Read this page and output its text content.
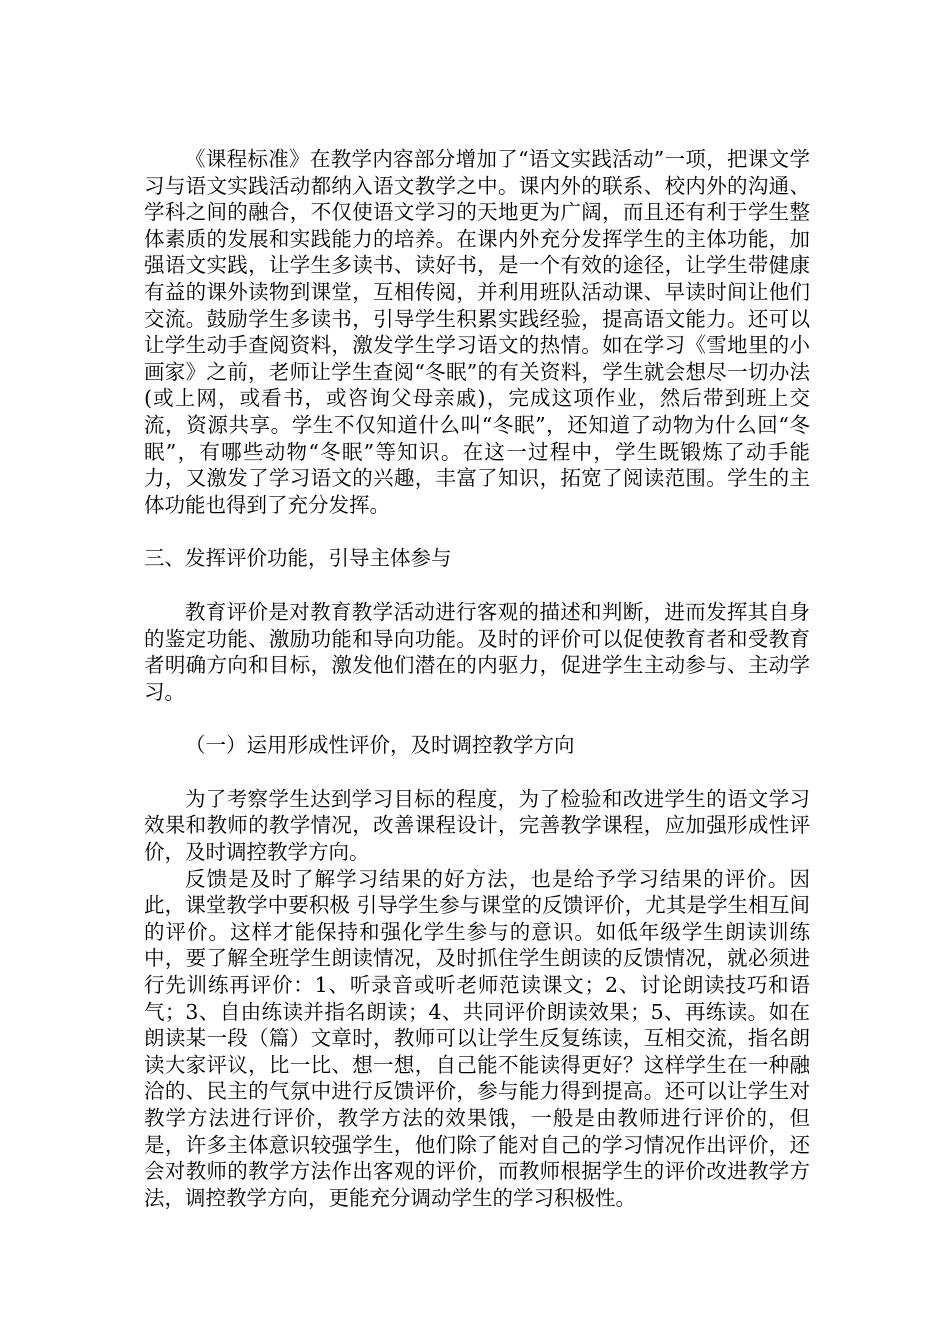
《课程标准》在教学内容部分增加了“语文实践活动”一项，把课文学习与语文实践活动都纳入语文教学之中。课内外的联系、校内外的沟通、学科之间的融合，不仅使语文学习的天地更为广阔，而且还有利于学生整体素质的发展和实践能力的培养。在课内外充分发挥学生的主体功能，加强语文实践，让学生多读书、读好书，是一个有效的途径，让学生带健康有益的课外读物到课堂，互相传阅，并利用班队活动课、早读时间让他们交流。鼓励学生多读书，引导学生积累实践经验，提高语文能力。还可以让学生动手查阅资料，激发学生学习语文的热情。如在学习《雪地里的小画家》之前，老师让学生查阅“冬眠”的有关资料，学生就会想尽一切办法(或上网，或看书，或咨询父母亲戚)，完成这项作业，然后带到班上交流，资源共享。学生不仅知道什么叫“冬眠”，还知道了动物为什么回“冬眠”，有哪些动物“冬眠”等知识。在这一过程中，学生既锻炼了动手能力，又激发了学习语文的兴趣，丰富了知识，拓宽了阅读范围。学生的主体功能也得到了充分发挥。

三、发挥评价功能，引导主体参与

教育评价是对教育教学活动进行客观的描述和判断，进而发挥其自身的鉴定功能、激励功能和导向功能。及时的评价可以促使教育者和受教育者明确方向和目标，激发他们潜在的内驱力，促进学生主动参与、主动学习。

（一）运用形成性评价，及时调控教学方向

为了考察学生达到学习目标的程度，为了检验和改进学生的语文学习效果和教师的教学情况，改善课程设计，完善教学课程，应加强形成性评价，及时调控教学方向。

反馈是及时了解学习结果的好方法，也是给予学习结果的评价。因此，课堂教学中要积极 引导学生参与课堂的反馈评价，尤其是学生相互间的评价。这样才能保持和强化学生参与的意识。如低年级学生朗读训练中，要了解全班学生朗读情况，及时抓住学生朗读的反馈情况，就必须进行先训练再评价：1、听录音或听老师范读课文；2、讨论朗读技巧和语气；3、自由练读并指名朗读；4、共同评价朗读效果；5、再练读。如在朗读某一段（篇）文章时，教师可以让学生反复练读，互相交流，指名朗读大家评议，比一比、想一想，自己能不能读得更好？这样学生在一种融洽的、民主的气氛中进行反馈评价，参与能力得到提高。还可以让学生对教学方法进行评价，教学方法的效果饿，一般是由教师进行评价的，但是，许多主体意识较强学生，他们除了能对自己的学习情况作出评价，还会对教师的教学方法作出客观的评价，而教师根据学生的评价改进教学方法，调控教学方向，更能充分调动学生的学习积极性。
